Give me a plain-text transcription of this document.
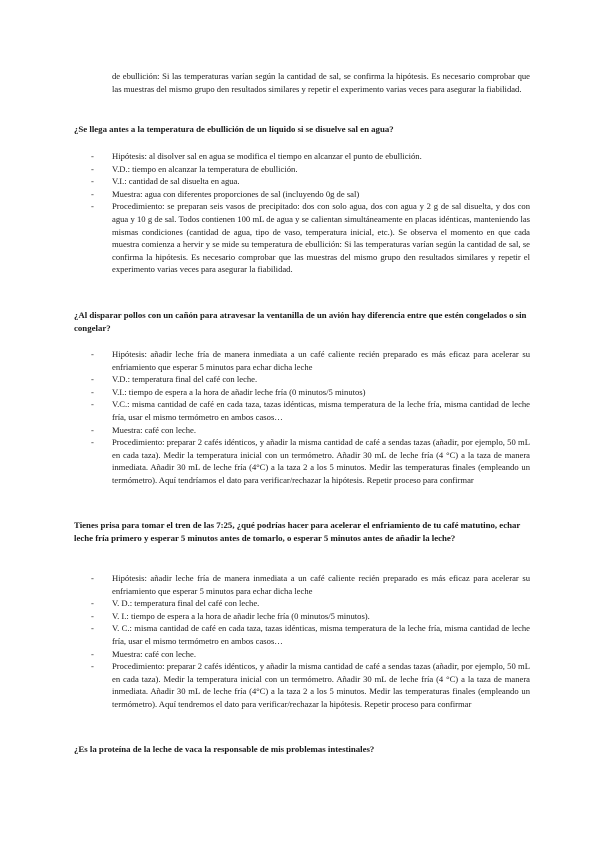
de ebullición: Si las temperaturas varían según la cantidad de sal, se confirma la hipótesis. Es necesario comprobar que las muestras del mismo grupo den resultados similares y repetir el experimento varias veces para asegurar la fiabilidad.

¿Se llega antes a la temperatura de ebullición de un líquido si se disuelve sal en agua?

- Hipótesis: al disolver sal en agua se modifica el tiempo en alcanzar el punto de ebullición.
- V.D.: tiempo en alcanzar la temperatura de ebullición.
- V.I.: cantidad de sal disuelta en agua.
- Muestra: agua con diferentes proporciones de sal (incluyendo 0g de sal)
- Procedimiento: se preparan seis vasos de precipitado: dos con solo agua, dos con agua y 2 g de sal disuelta, y dos con agua y 10 g de sal. Todos contienen 100 mL de agua y se calientan simultáneamente en placas idénticas, manteniendo las mismas condiciones (cantidad de agua, tipo de vaso, temperatura inicial, etc.). Se observa el momento en que cada muestra comienza a hervir y se mide su temperatura de ebullición: Si las temperaturas varían según la cantidad de sal, se confirma la hipótesis. Es necesario comprobar que las muestras del mismo grupo den resultados similares y repetir el experimento varias veces para asegurar la fiabilidad.

¿Al disparar pollos con un cañón para atravesar la ventanilla de un avión hay diferencia entre que estén congelados o sin congelar?

- Hipótesis: añadir leche fría de manera inmediata a un café caliente recién preparado es más eficaz para acelerar su enfriamiento que esperar 5 minutos para echar dicha leche
- V.D.: temperatura final del café con leche.
- V.I.: tiempo de espera a la hora de añadir leche fría (0 minutos/5 minutos)
- V.C.: misma cantidad de café en cada taza, tazas idénticas, misma temperatura de la leche fría, misma cantidad de leche fría, usar el mismo termómetro en ambos casos…
- Muestra: café con leche.
- Procedimiento: preparar 2 cafés idénticos, y añadir la misma cantidad de café a sendas tazas (añadir, por ejemplo, 50 mL en cada taza). Medir la temperatura inicial con un termómetro. Añadir 30 mL de leche fría (4 °C) a la taza de manera inmediata. Añadir 30 mL de leche fría (4°C) a la taza 2 a los 5 minutos. Medir las temperaturas finales (empleando un termómetro). Aquí tendríamos el dato para verificar/rechazar la hipótesis. Repetir proceso para confirmar

Tienes prisa para tomar el tren de las 7:25, ¿qué podrías hacer para acelerar el enfriamiento de tu café matutino, echar leche fría primero y esperar 5 minutos antes de tomarlo, o esperar 5 minutos antes de añadir la leche?

- Hipótesis: añadir leche fría de manera inmediata a un café caliente recién preparado es más eficaz para acelerar su enfriamiento que esperar 5 minutos para echar dicha leche
- V. D.: temperatura final del café con leche.
- V. I.: tiempo de espera a la hora de añadir leche fría (0 minutos/5 minutos).
- V. C.: misma cantidad de café en cada taza, tazas idénticas, misma temperatura de la leche fría, misma cantidad de leche fría, usar el mismo termómetro en ambos casos…
- Muestra: café con leche.
- Procedimiento: preparar 2 cafés idénticos, y añadir la misma cantidad de café a sendas tazas (añadir, por ejemplo, 50 mL en cada taza). Medir la temperatura inicial con un termómetro. Añadir 30 mL de leche fría (4 °C) a la taza de manera inmediata. Añadir 30 mL de leche fría (4°C) a la taza 2 a los 5 minutos. Medir las temperaturas finales (empleando un termómetro). Aquí tendremos el dato para verificar/rechazar la hipótesis. Repetir proceso para confirmar

¿Es la proteína de la leche de vaca la responsable de mis problemas intestinales?
